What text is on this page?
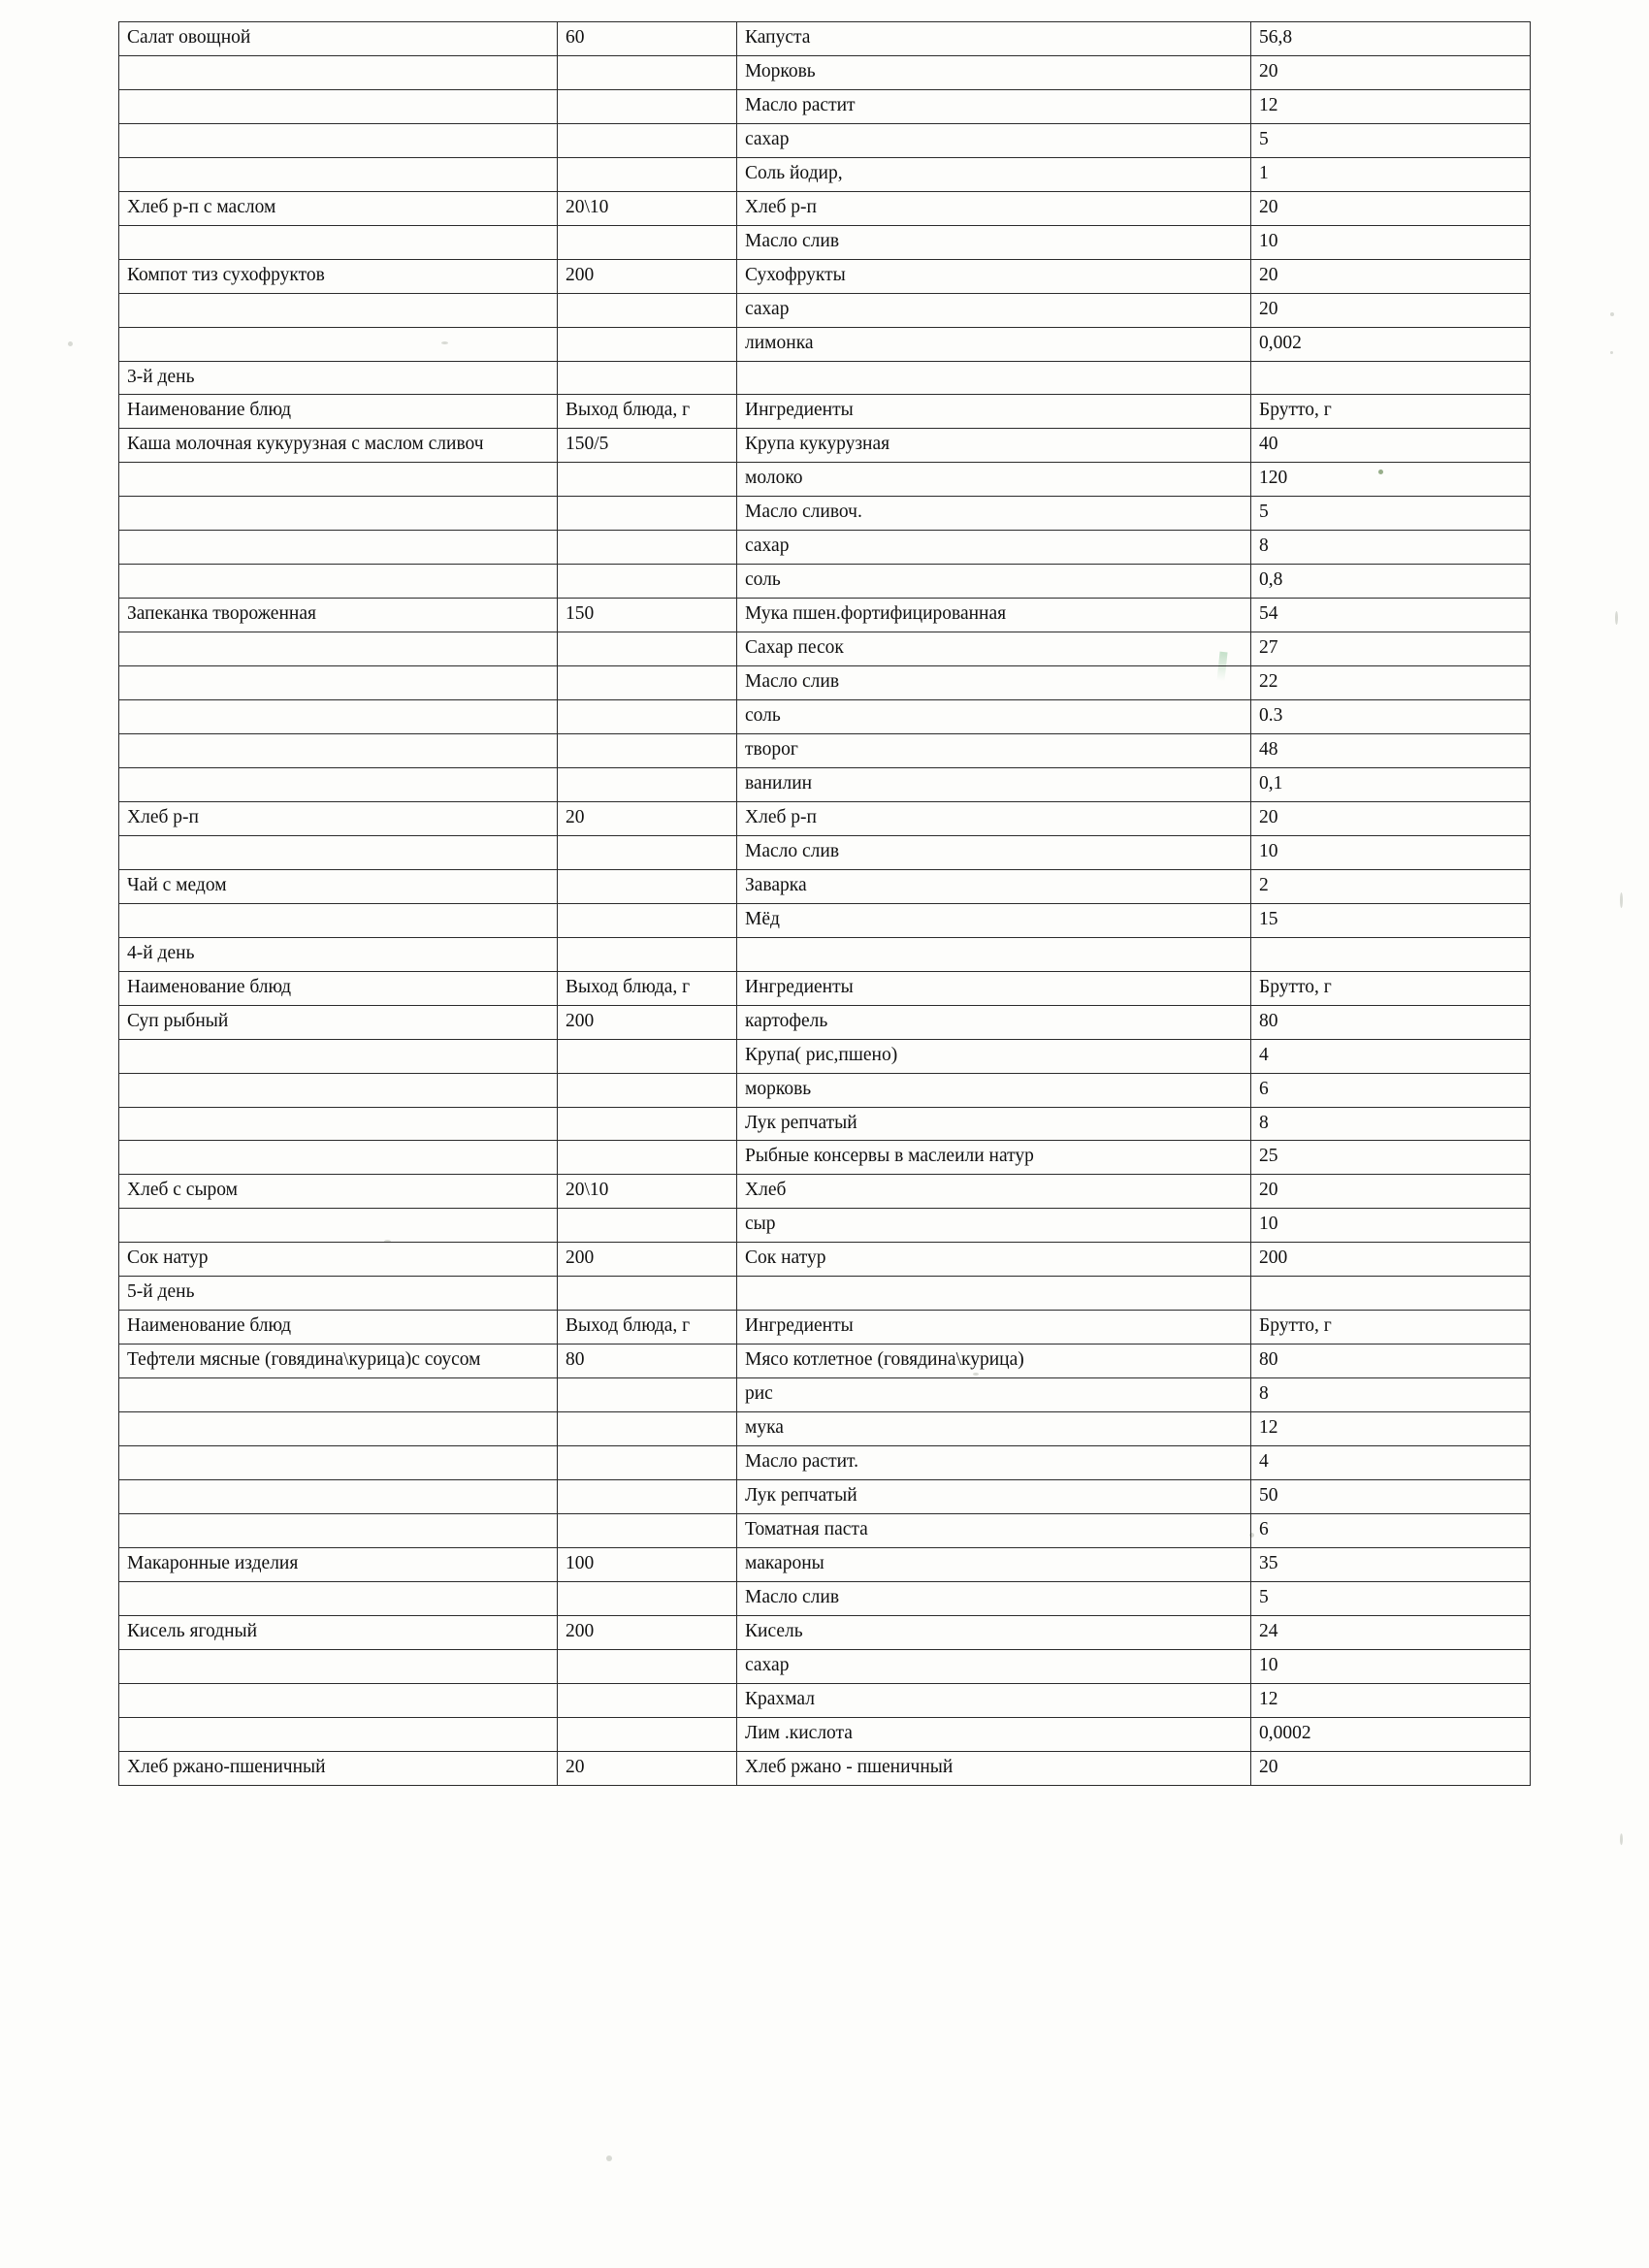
Салат овощной	60	Капуста	56,8
		Морковь	20
		Масло растит	12
		сахар	5
		Соль йодир,	1
Хлеб р-п с маслом	20\10	Хлеб р-п	20
		Масло слив	10
Компот тиз сухофруктов	200	Сухофрукты	20
		сахар	20
		лимонка	0,002
3-й день			
Наименование блюд	Выход блюда, г	Ингредиенты	Брутто, г
Каша молочная кукурузная с маслом сливоч	150/5	Крупа кукурузная	40
		молоко	120
		Масло сливоч.	5
		сахар	8
		соль	0,8
Запеканка твороженная	150	Мука пшен.фортифицированная	54
		Сахар песок	27
		Масло слив	22
		соль	0.3
		творог	48
		ванилин	0,1
Хлеб р-п	20	Хлеб р-п	20
		Масло слив	10
Чай с медом		Заварка	2
		Мёд	15
4-й день			
Наименование блюд	Выход блюда, г	Ингредиенты	Брутто, г
Суп рыбный	200	картофель	80
		Крупа( рис,пшено)	4
		морковь	6
		Лук репчатый	8
		Рыбные консервы в маслеили натур	25
Хлеб с сыром	20\10	Хлеб	20
		сыр	10
Сок натур	200	Сок натур	200
5-й день			
Наименование блюд	Выход блюда, г	Ингредиенты	Брутто, г
Тефтели мясные (говядина\курица)с соусом	80	Мясо котлетное (говядина\курица)	80
		рис	8
		мука	12
		Масло растит.	4
		Лук репчатый	50
		Томатная паста	6
Макаронные изделия	100	макароны	35
		Масло слив	5
Кисель ягодный	200	Кисель	24
		сахар	10
		Крахмал	12
		Лим .кислота	0,0002
Хлеб ржано-пшеничный	20	Хлеб ржано - пшеничный	20
